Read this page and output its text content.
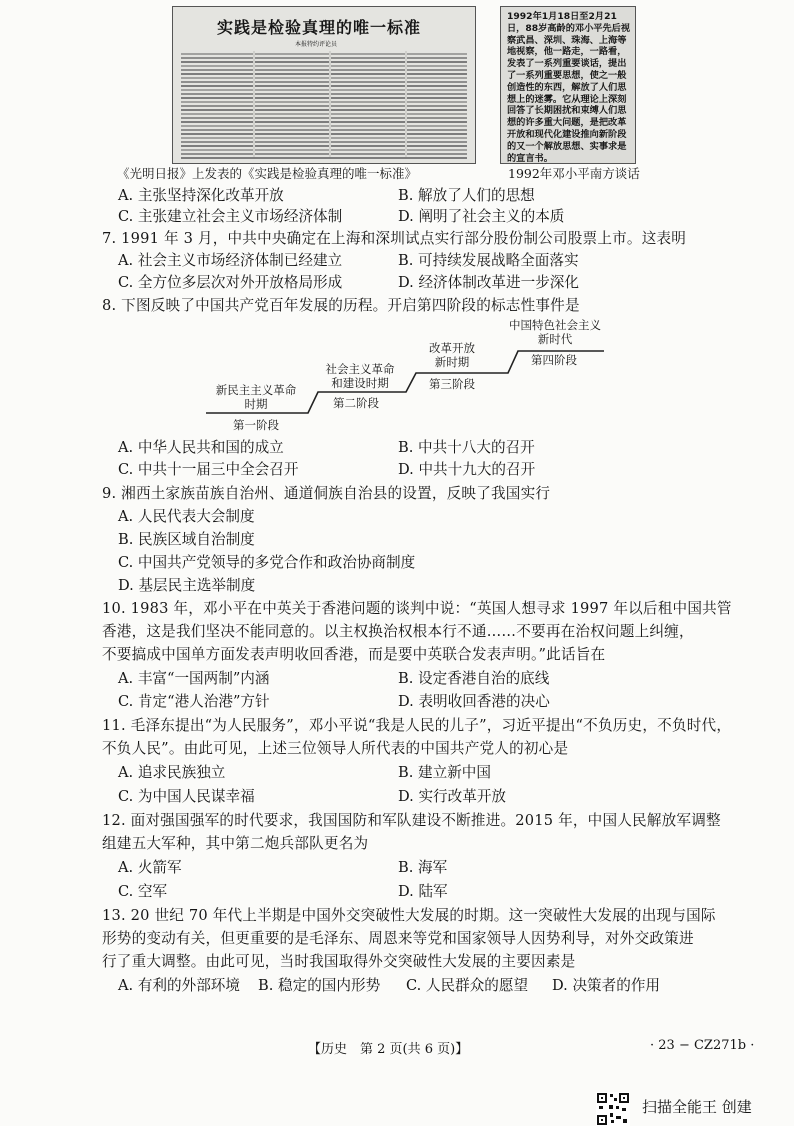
实践是检验真理的唯一标准
本报特约评论员
《光明日报》上发表的《实践是检验真理的唯一标准》
1992年1月18日至2月21日，88岁高龄的邓小平先后视察武昌、深圳、珠海、上海等地视察，他一路走，一路看，发表了一系列重要谈话，提出了一系列重要思想，使之一般创造性的东西，解放了人们思想上的迷雾。它从理论上深刻回答了长期困扰和束缚人们思想的许多重大问题，是把改革开放和现代化建设推向新阶段的又一个解放思想、实事求是的宣言书。
1992年邓小平南方谈话
A. 主张坚持深化改革开放	B. 解放了人们的思想
C. 主张建立社会主义市场经济体制	D. 阐明了社会主义的本质
7. 1991 年 3 月，中共中央确定在上海和深圳试点实行部分股份制公司股票上市。这表明
A. 社会主义市场经济体制已经建立	B. 可持续发展战略全面落实
C. 全方位多层次对外开放格局形成	D. 经济体制改革进一步深化
8. 下图反映了中国共产党百年发展的历程。开启第四阶段的标志性事件是
新民主主义革命
时期
第一阶段
社会主义革命
和建设时期
第二阶段
改革开放
新时期
第三阶段
中国特色社会主义
新时代
第四阶段
A. 中华人民共和国的成立	B. 中共十八大的召开
C. 中共十一届三中全会召开	D. 中共十九大的召开
9. 湘西土家族苗族自治州、通道侗族自治县的设置，反映了我国实行
A. 人民代表大会制度
B. 民族区域自治制度
C. 中国共产党领导的多党合作和政治协商制度
D. 基层民主选举制度
10. 1983 年，邓小平在中英关于香港问题的谈判中说：“英国人想寻求 1997 年以后租中国共管
香港，这是我们坚决不能同意的。以主权换治权根本行不通……不要再在治权问题上纠缠，
不要搞成中国单方面发表声明收回香港，而是要中英联合发表声明。”此话旨在
A. 丰富“一国两制”内涵	B. 设定香港自治的底线
C. 肯定“港人治港”方针	D. 表明收回香港的决心
11. 毛泽东提出“为人民服务”，邓小平说“我是人民的儿子”，习近平提出“不负历史，不负时代，
不负人民”。由此可见，上述三位领导人所代表的中国共产党人的初心是
A. 追求民族独立	B. 建立新中国
C. 为中国人民谋幸福	D. 实行改革开放
12. 面对强国强军的时代要求，我国国防和军队建设不断推进。2015 年，中国人民解放军调整
组建五大军种，其中第二炮兵部队更名为
A. 火箭军	B. 海军
C. 空军	D. 陆军
13. 20 世纪 70 年代上半期是中国外交突破性大发展的时期。这一突破性大发展的出现与国际
形势的变动有关，但更重要的是毛泽东、周恩来等党和国家领导人因势利导，对外交政策进
行了重大调整。由此可见，当时我国取得外交突破性大发展的主要因素是
A. 有利的外部环境 B. 稳定的国内形势 C. 人民群众的愿望 D. 决策者的作用
【历史　第 2 页(共 6 页)】	· 23 − CZ271b ·
扫描全能王 创建
